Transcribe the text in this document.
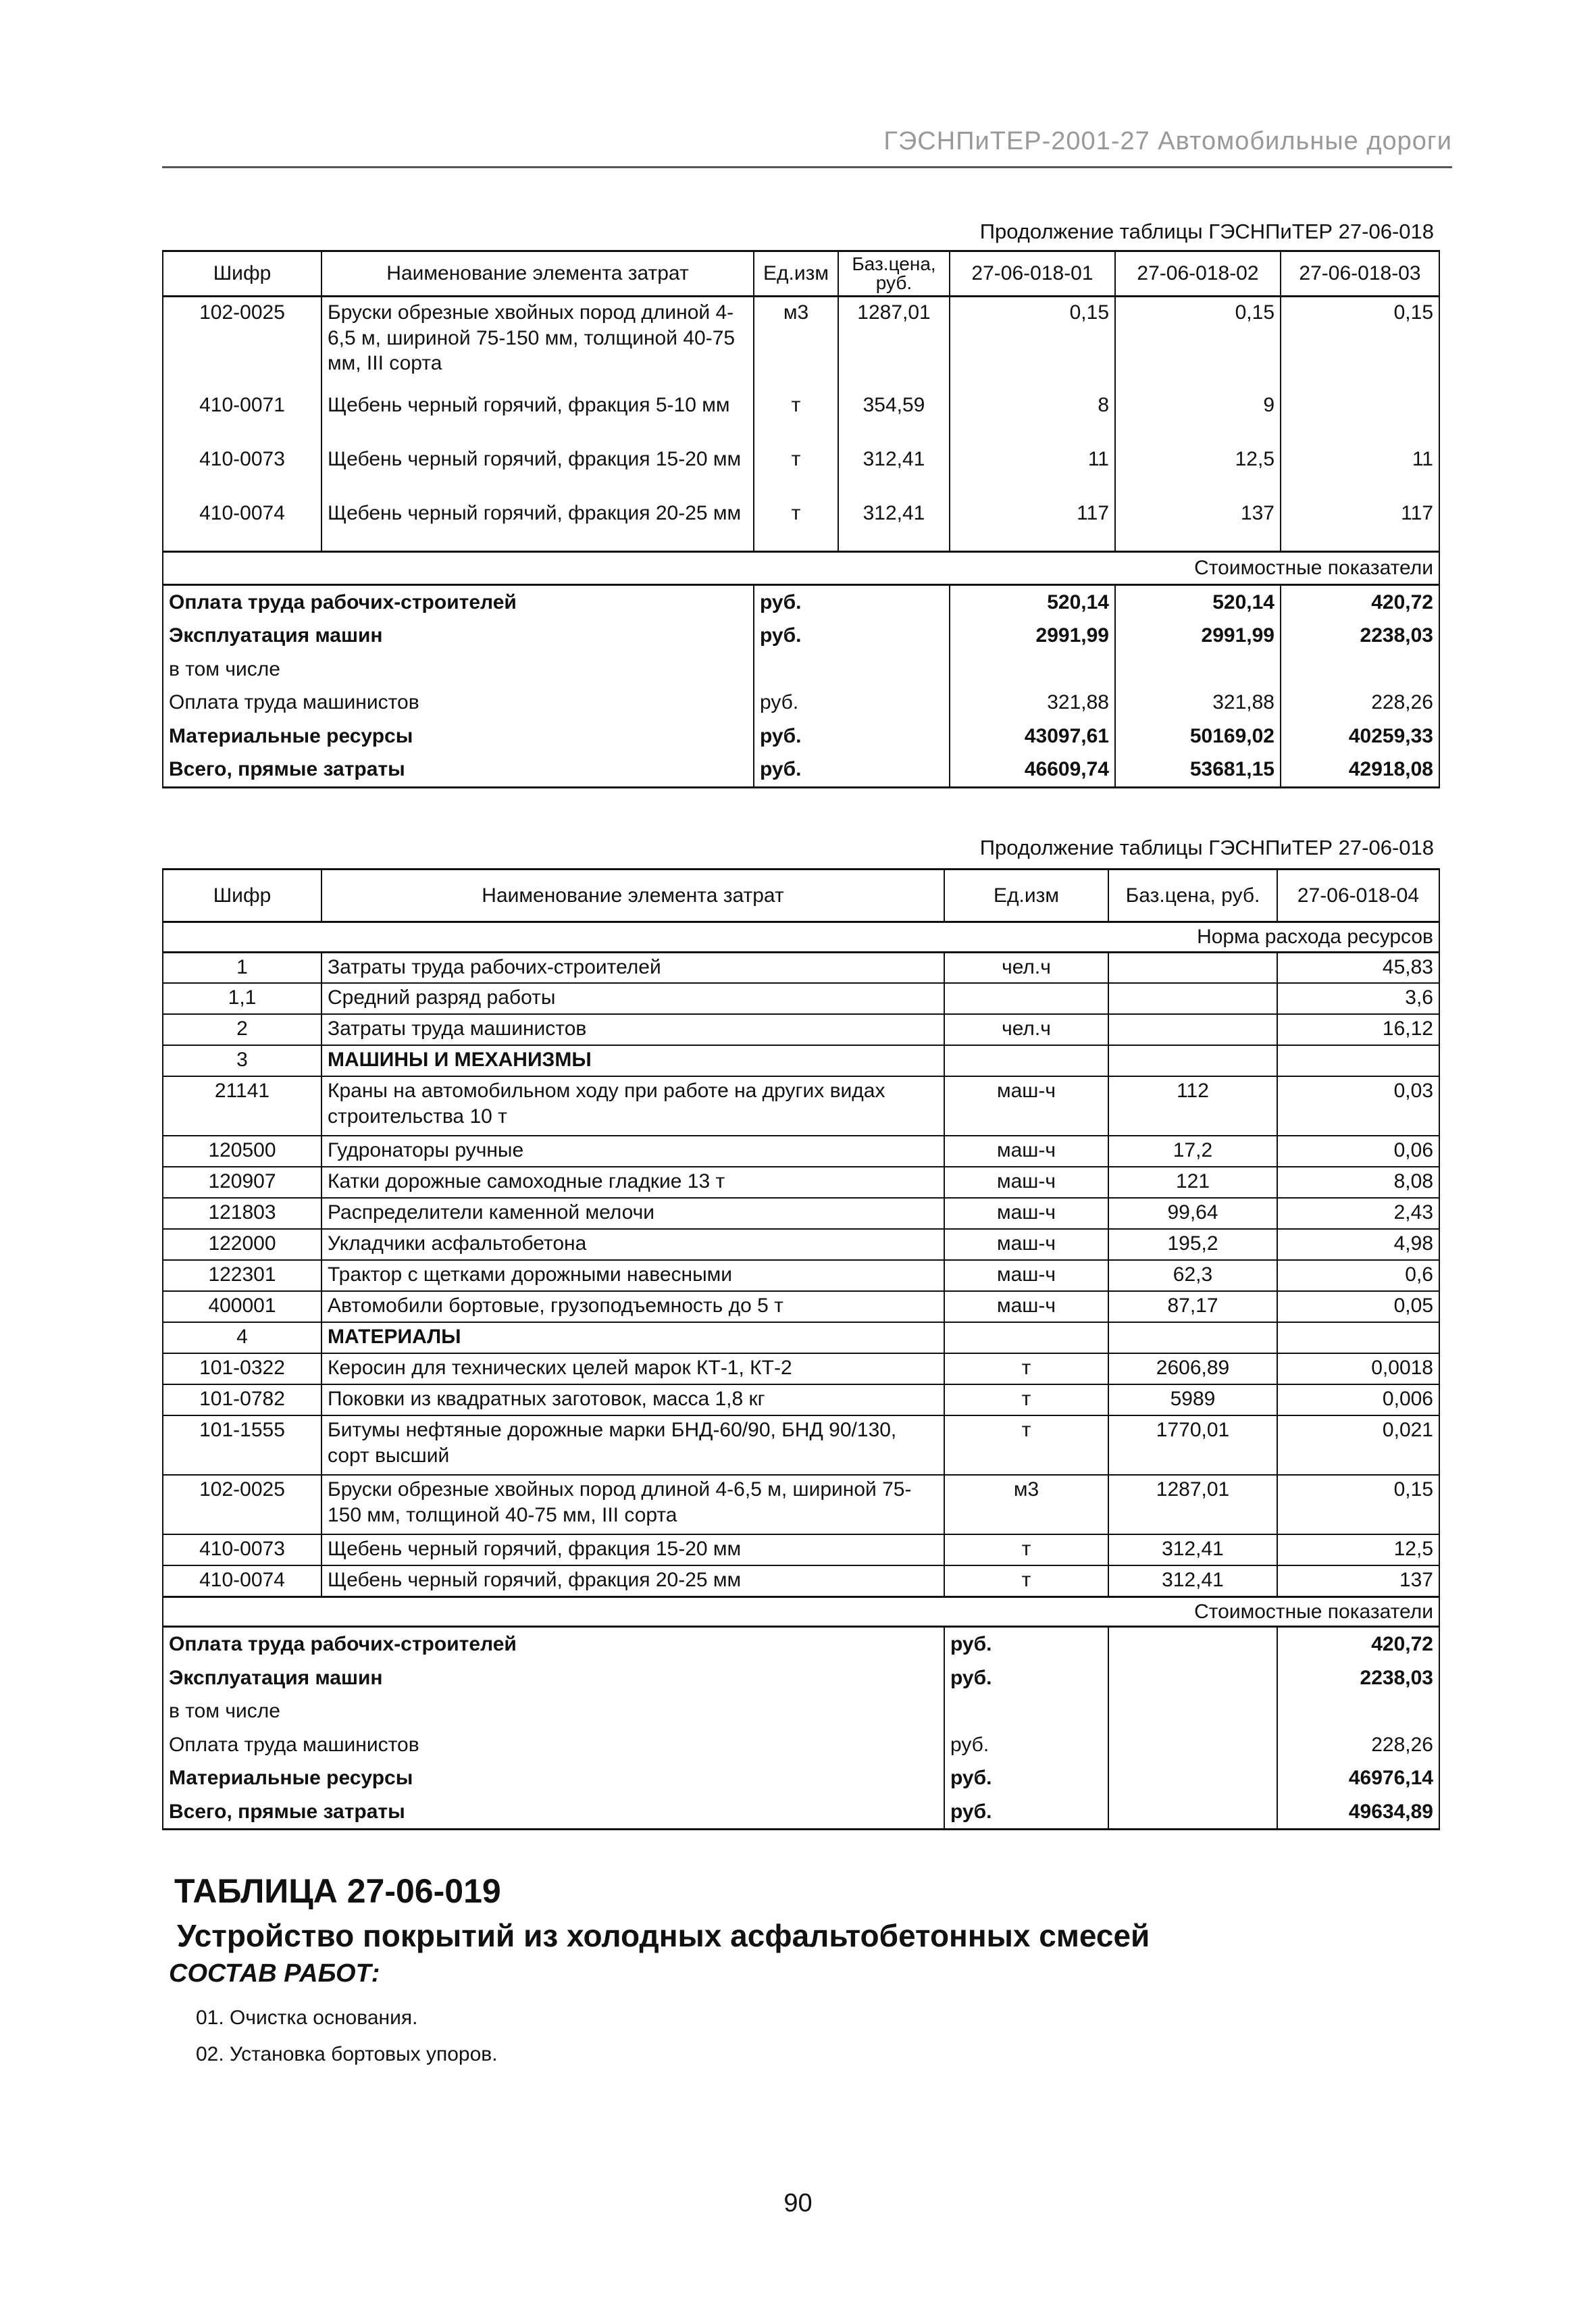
ГЭСНПиТЕР-2001-27 Автомобильные дороги
Продолжение таблицы ГЭСНПиТЕР 27-06-018
Шифр	Наименование элемента затрат	Ед.изм	Баз.цена, руб.	27-06-018-01	27-06-018-02	27-06-018-03
102-0025	Бруски обрезные хвойных пород длиной 4-6,5 м, шириной 75-150 мм, толщиной 40-75 мм, III сорта	м3	1287,01	0,15	0,15	0,15
410-0071	Щебень черный горячий, фракция 5-10 мм	т	354,59	8	9	
410-0073	Щебень черный горячий, фракция 15-20 мм	т	312,41	11	12,5	11
410-0074	Щебень черный горячий, фракция 20-25 мм	т	312,41	117	137	117
Стоимостные показатели						
Оплата труда рабочих-строителей		руб.		520,14	520,14	420,72
Эксплуатация машин		руб.		2991,99	2991,99	2238,03
в том числе						
Оплата труда машинистов		руб.		321,88	321,88	228,26
Материальные ресурсы		руб.		43097,61	50169,02	40259,33
Всего, прямые затраты		руб.		46609,74	53681,15	42918,08
Продолжение таблицы ГЭСНПиТЕР 27-06-018
Шифр	Наименование элемента затрат	Ед.изм	Баз.цена, руб.	27-06-018-04
Норма расхода ресурсов				
1	Затраты труда рабочих-строителей	чел.ч		45,83
1,1	Средний разряд работы			3,6
2	Затраты труда машинистов	чел.ч		16,12
3	МАШИНЫ И МЕХАНИЗМЫ			
21141	Краны на автомобильном ходу при работе на других видах строительства 10 т	маш-ч	112	0,03
120500	Гудронаторы ручные	маш-ч	17,2	0,06
120907	Катки дорожные самоходные гладкие 13 т	маш-ч	121	8,08
121803	Распределители каменной мелочи	маш-ч	99,64	2,43
122000	Укладчики асфальтобетона	маш-ч	195,2	4,98
122301	Трактор с щетками дорожными навесными	маш-ч	62,3	0,6
400001	Автомобили бортовые, грузоподъемность до 5 т	маш-ч	87,17	0,05
4	МАТЕРИАЛЫ			
101-0322	Керосин для технических целей марок КТ-1, КТ-2	т	2606,89	0,0018
101-0782	Поковки из квадратных заготовок, масса 1,8 кг	т	5989	0,006
101-1555	Битумы нефтяные дорожные марки БНД-60/90, БНД 90/130, сорт высший	т	1770,01	0,021
102-0025	Бруски обрезные хвойных пород длиной 4-6,5 м, шириной 75-150 мм, толщиной 40-75 мм, III сорта	м3	1287,01	0,15
410-0073	Щебень черный горячий, фракция 15-20 мм	т	312,41	12,5
410-0074	Щебень черный горячий, фракция 20-25 мм	т	312,41	137
Стоимостные показатели				
Оплата труда рабочих-строителей		руб.		420,72
Эксплуатация машин		руб.		2238,03
в том числе				
Оплата труда машинистов		руб.		228,26
Материальные ресурсы		руб.		46976,14
Всего, прямые затраты		руб.		49634,89
ТАБЛИЦА 27-06-019
Устройство покрытий из холодных асфальтобетонных смесей
СОСТАВ РАБОТ:
01. Очистка основания.
02. Установка бортовых упоров.
90
